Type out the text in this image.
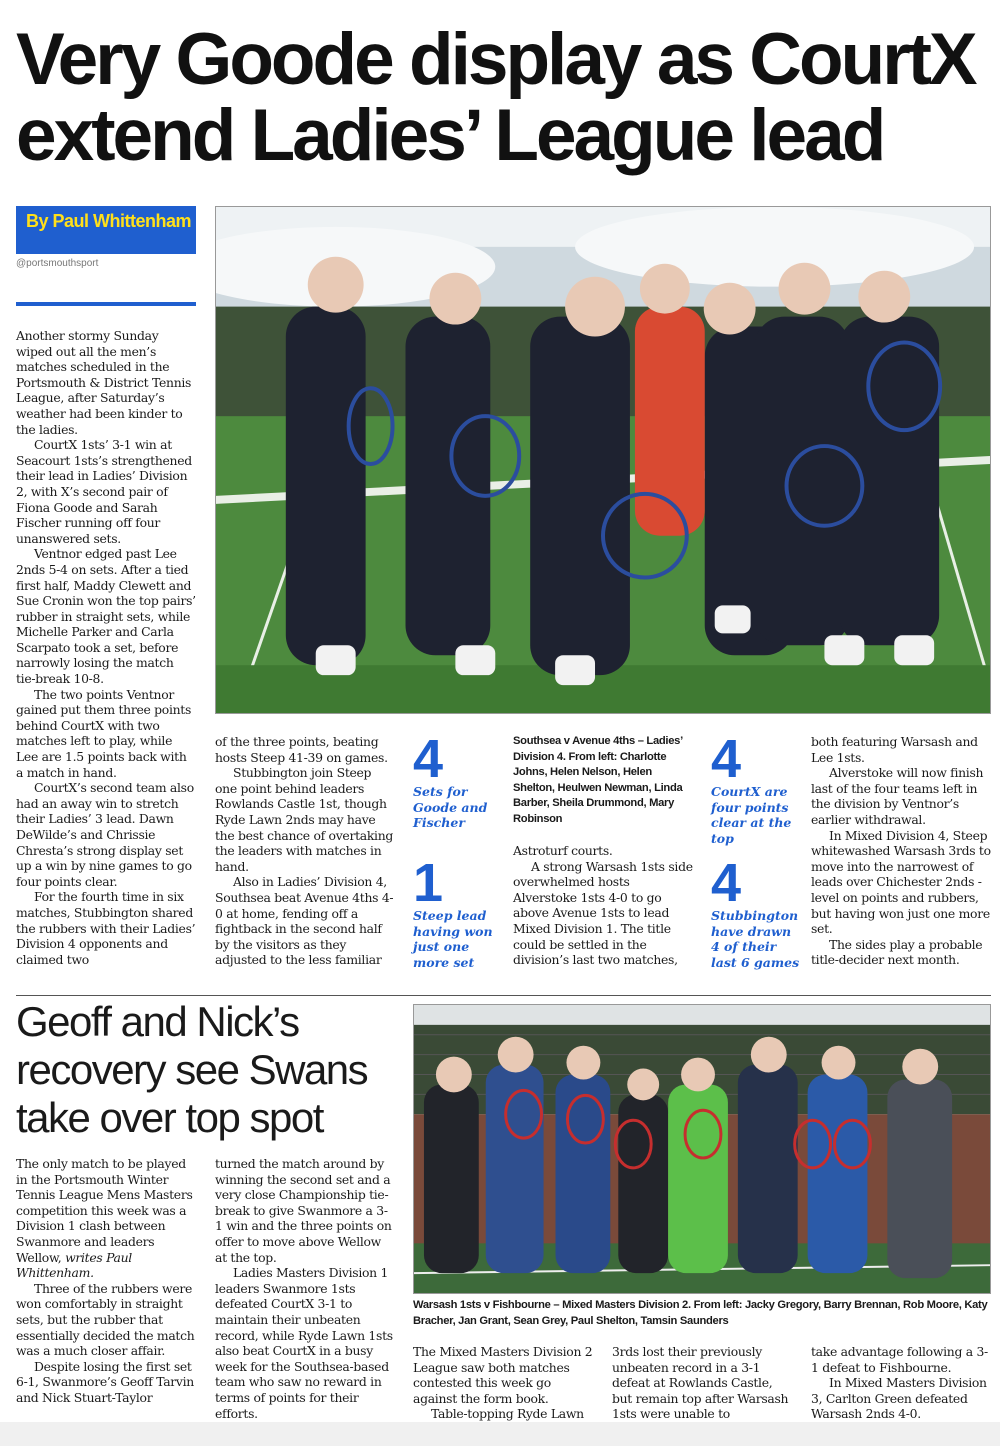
Very Goode display as CourtX extend Ladies’ League lead
By Paul Whittenham
@portsmouthsport

Another stormy Sunday wiped out all the men’s matches scheduled in the Portsmouth & District Tennis League, after Saturday’s weather had been kinder to the ladies.

CourtX 1sts’ 3-1 win at Seacourt 1sts’s strengthened their lead in Ladies’ Division 2, with X’s second pair of Fiona Goode and Sarah Fischer running off four unanswered sets.

Ventnor edged past Lee 2nds 5-4 on sets. After a tied first half, Maddy Clewett and Sue Cronin won the top pairs’ rubber in straight sets, while Michelle Parker and Carla Scarpato took a set, before narrowly losing the match tie-break 10-8.

The two points Ventnor gained put them three points behind CourtX with two matches left to play, while Lee are 1.5 points back with a match in hand.

CourtX’s second team also had an away win to stretch their Ladies’ 3 lead. Dawn DeWilde’s and Chrissie Chresta’s strong display set up a win by nine games to go four points clear.

For the fourth time in six matches, Stubbington shared the rubbers with their Ladies’ Division 4 opponents and claimed two

of the three points, beating hosts Steep 41-39 on games.

Stubbington join Steep one point behind leaders Rowlands Castle 1st, though Ryde Lawn 2nds may have the best chance of overtaking the leaders with matches in hand.

Also in Ladies’ Division 4, Southsea beat Avenue 4ths 4-0 at home, fending off a fightback in the second half by the visitors as they adjusted to the less familiar

4
Sets for Goode and Fischer
1
Steep lead having won just one more set
Southsea v Avenue 4ths – Ladies’ Division 4. From left: Charlotte Johns, Helen Nelson, Helen Shelton, Heulwen Newman, Linda Barber, Sheila Drummond, Mary Robinson

Astroturf courts.

A strong Warsash 1sts side overwhelmed hosts Alverstoke 1sts 4-0 to go above Avenue 1sts to lead Mixed Division 1. The title could be settled in the division’s last two matches,

4
CourtX are four points clear at the top
4
Stubbington have drawn 4 of their last 6 games

both featuring Warsash and Lee 1sts.

Alverstoke will now finish last of the four teams left in the division by Ventnor’s earlier withdrawal.

In Mixed Division 4, Steep whitewashed Warsash 3rds to move into the narrowest of leads over Chichester 2nds - level on points and rubbers, but having won just one more set.

The sides play a probable title-decider next month.

Geoff and Nick’s recovery see Swans take over top spot

The only match to be played in the Portsmouth Winter Tennis League Mens Masters competition this week was a Division 1 clash between Swanmore and leaders Wellow, writes Paul Whittenham.

Three of the rubbers were won comfortably in straight sets, but the rubber that essentially decided the match was a much closer affair.

Despite losing the first set 6-1, Swanmore’s Geoff Tarvin and Nick Stuart-Taylor

turned the match around by winning the second set and a very close Championship tie-break to give Swanmore a 3-1 win and the three points on offer to move above Wellow at the top.

Ladies Masters Division 1 leaders Swanmore 1sts defeated CourtX 3-1 to maintain their unbeaten record, while Ryde Lawn 1sts also beat CourtX in a busy week for the Southsea-based team who saw no reward in terms of points for their efforts.

Warsash 1sts v Fishbourne – Mixed Masters Division 2. From left: Jacky Gregory, Barry Brennan, Rob Moore, Katy Bracher, Jan Grant, Sean Grey, Paul Shelton, Tamsin Saunders

The Mixed Masters Division 2 League saw both matches contested this week go against the form book.

Table-topping Ryde Lawn

3rds lost their previously unbeaten record in a 3-1 defeat at Rowlands Castle, but remain top after Warsash 1sts were unable to

take advantage following a 3-1 defeat to Fishbourne.

In Mixed Masters Division 3, Carlton Green defeated Warsash 2nds 4-0.
